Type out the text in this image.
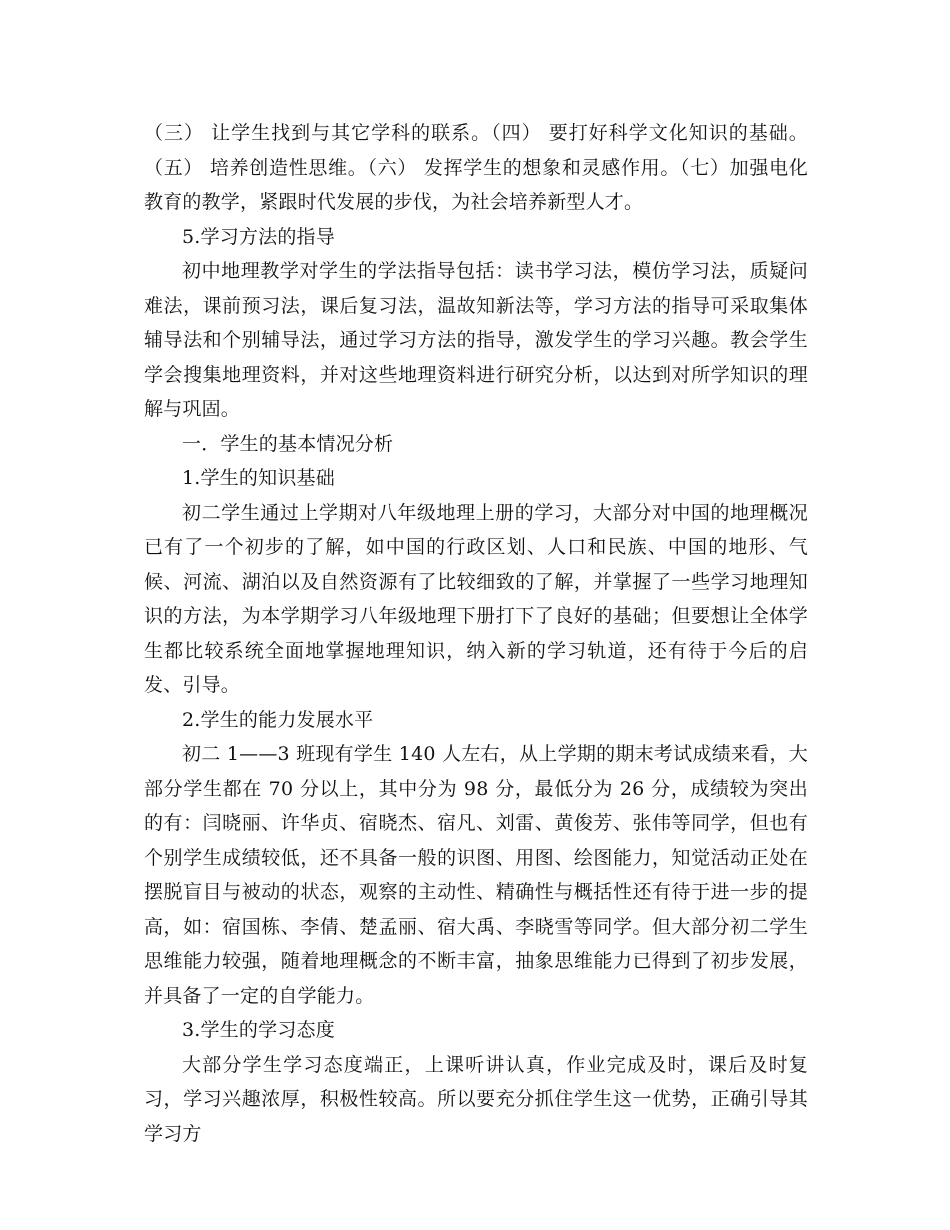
（三） 让学生找到与其它学科的联系。（四） 要打好科学文化知识的基础。（五） 培养创造性思维。（六） 发挥学生的想象和灵感作用。（七）加强电化教育的教学，紧跟时代发展的步伐，为社会培养新型人才。

5.学习方法的指导

初中地理教学对学生的学法指导包括：读书学习法，模仿学习法，质疑问难法，课前预习法，课后复习法，温故知新法等，学习方法的指导可采取集体辅导法和个别辅导法，通过学习方法的指导，激发学生的学习兴趣。教会学生学会搜集地理资料，并对这些地理资料进行研究分析，以达到对所学知识的理解与巩固。

一．学生的基本情况分析

1.学生的知识基础

初二学生通过上学期对八年级地理上册的学习，大部分对中国的地理概况已有了一个初步的了解，如中国的行政区划、人口和民族、中国的地形、气候、河流、湖泊以及自然资源有了比较细致的了解，并掌握了一些学习地理知识的方法，为本学期学习八年级地理下册打下了良好的基础；但要想让全体学生都比较系统全面地掌握地理知识，纳入新的学习轨道，还有待于今后的启发、引导。

2.学生的能力发展水平

初二 1——3 班现有学生 140 人左右，从上学期的期末考试成绩来看，大部分学生都在 70 分以上，其中分为 98 分，最低分为 26 分，成绩较为突出的有：闫晓丽、许华贞、宿晓杰、宿凡、刘雷、黄俊芳、张伟等同学，但也有个别学生成绩较低，还不具备一般的识图、用图、绘图能力，知觉活动正处在摆脱盲目与被动的状态，观察的主动性、精确性与概括性还有待于进一步的提高，如：宿国栋、李倩、楚孟丽、宿大禹、李晓雪等同学。但大部分初二学生思维能力较强，随着地理概念的不断丰富，抽象思维能力已得到了初步发展，并具备了一定的自学能力。

3.学生的学习态度

大部分学生学习态度端正，上课听讲认真，作业完成及时，课后及时复习，学习兴趣浓厚，积极性较高。所以要充分抓住学生这一优势，正确引导其学习方
